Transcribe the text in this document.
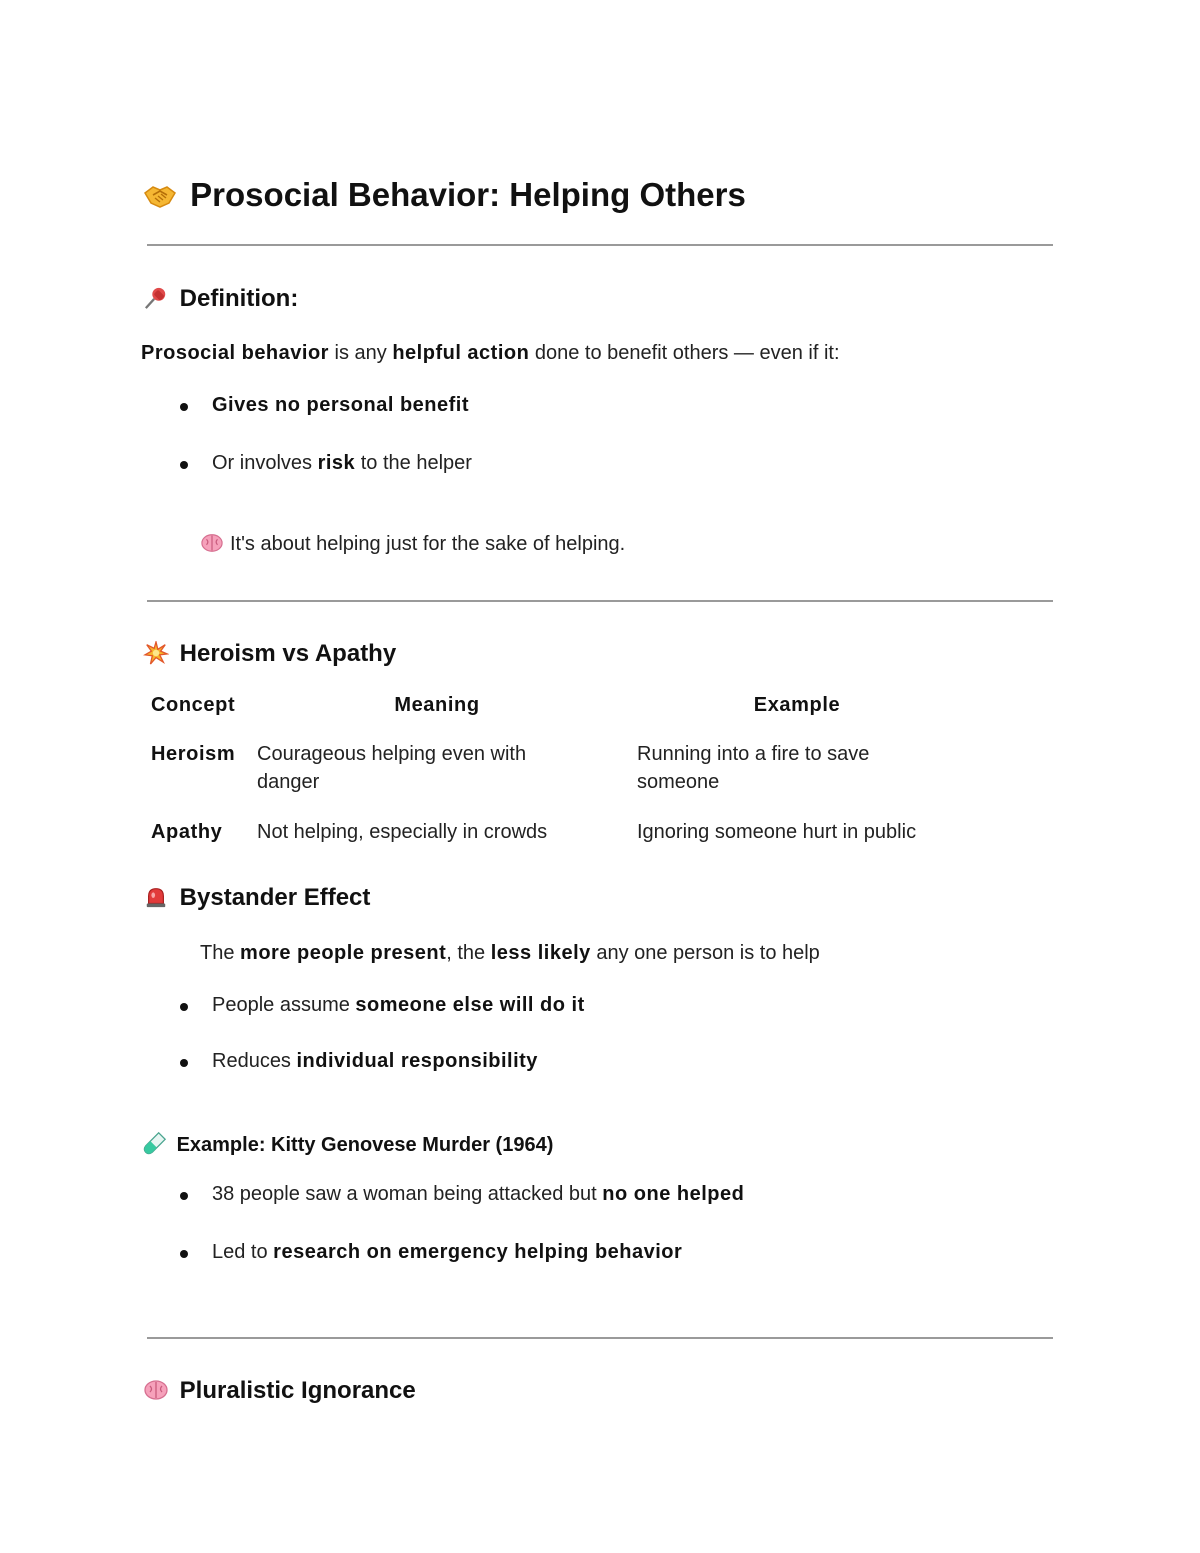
Prosocial Behavior: Helping Others
Definition:
Prosocial behavior is any helpful action done to benefit others — even if it:
Gives no personal benefit
Or involves risk to the helper
It's about helping just for the sake of helping.
Heroism vs Apathy
Concept	Meaning	Example
Heroism	Courageous helping even with danger	Running into a fire to save someone
Apathy	Not helping, especially in crowds	Ignoring someone hurt in public
Bystander Effect
The more people present, the less likely any one person is to help
People assume someone else will do it
Reduces individual responsibility
Example: Kitty Genovese Murder (1964)
38 people saw a woman being attacked but no one helped
Led to research on emergency helping behavior
Pluralistic Ignorance
